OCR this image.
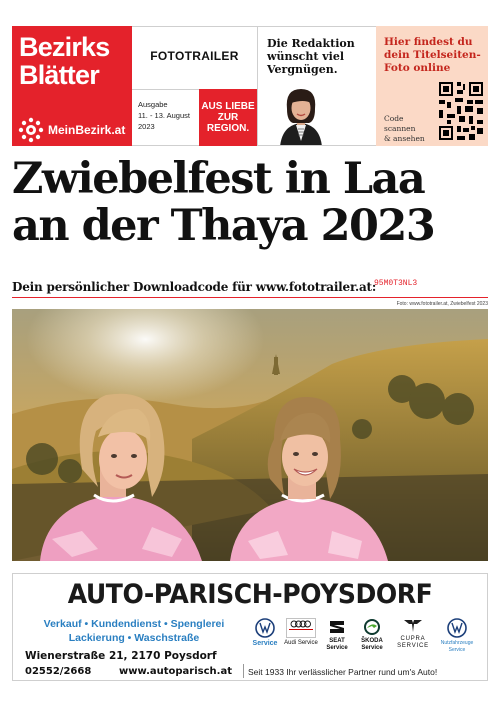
Bezirks
Blätter
MeinBezirk.at
FOTOTRAILER
Ausgabe
11. - 13. August
2023
AUS LIEBE ZUR REGION.
Die Redaktion wünscht viel Vergnügen.
Hier findest du dein Titelseiten-Foto online
Code
scannen
& ansehen
Zwiebelfest in Laa
an der Thaya 2023
Dein persönlicher Downloadcode für www.fototrailer.at:
95M0T3NL3
Foto: www.fototrailer.at, Zwiebelfest 2023
AUTO-PARISCH-POYSDORF
Verkauf • Kundendienst • Spenglerei
Lackierung • Waschstraße	Service	Audi Service	SEAT Service
ŠKODA Service
CUPRA SERVICE	Nutzfahrzeuge Service
Wienerstraße 21, 2170 Poysdorf
02552/2668	www.autoparisch.at Seit 1933 Ihr verlässlicher Partner rund um's Auto!
